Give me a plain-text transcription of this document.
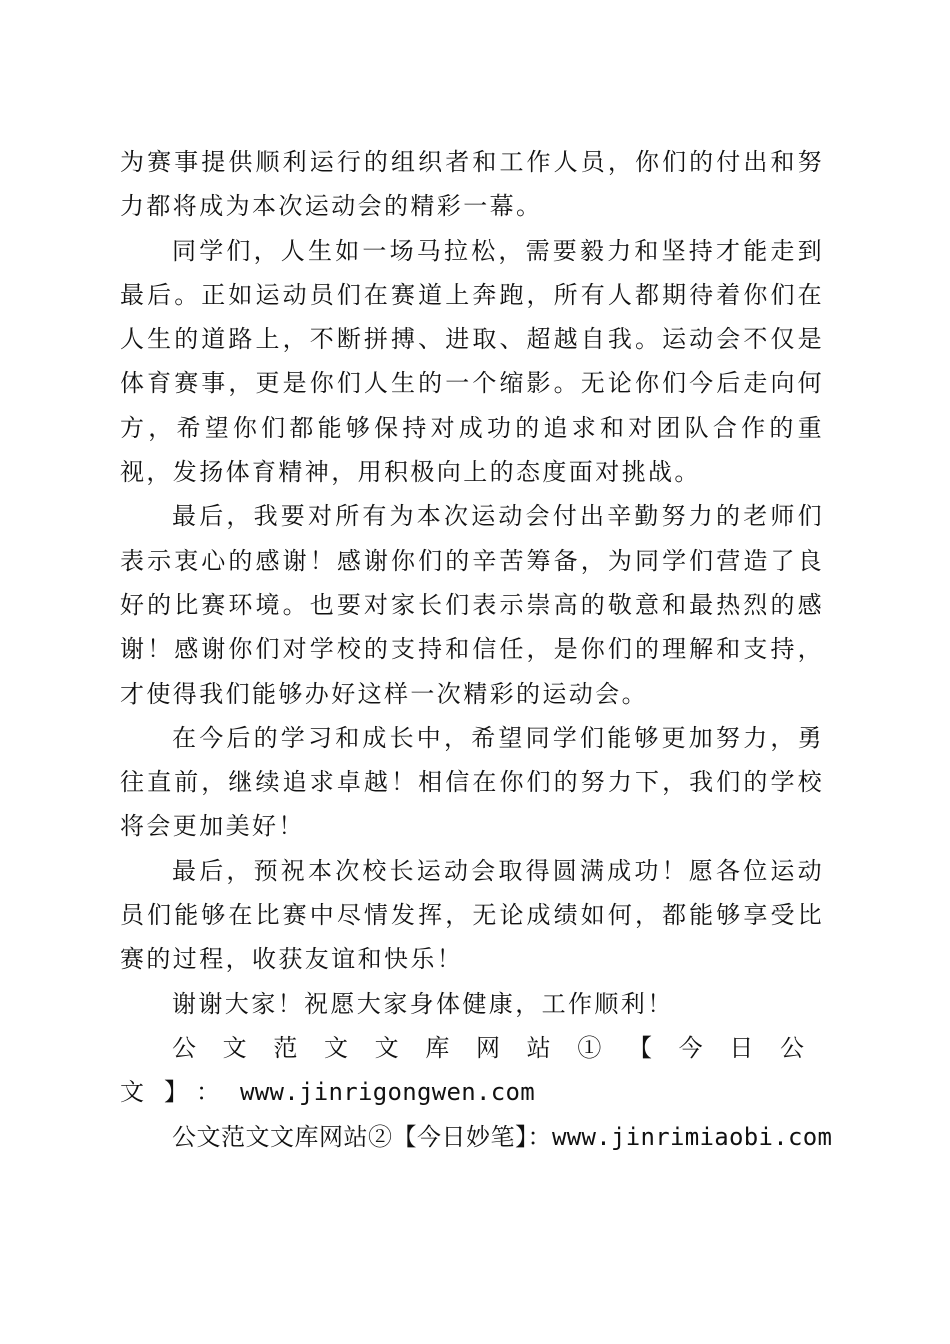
为赛事提供顺利运行的组织者和工作人员，你们的付出和努力都将成为本次运动会的精彩一幕。

同学们，人生如一场马拉松，需要毅力和坚持才能走到最后。正如运动员们在赛道上奔跑，所有人都期待着你们在人生的道路上，不断拼搏、进取、超越自我。运动会不仅是体育赛事，更是你们人生的一个缩影。无论你们今后走向何方，希望你们都能够保持对成功的追求和对团队合作的重视，发扬体育精神，用积极向上的态度面对挑战。

最后，我要对所有为本次运动会付出辛勤努力的老师们表示衷心的感谢！感谢你们的辛苦筹备，为同学们营造了良好的比赛环境。也要对家长们表示崇高的敬意和最热烈的感谢！感谢你们对学校的支持和信任，是你们的理解和支持，才使得我们能够办好这样一次精彩的运动会。

在今后的学习和成长中，希望同学们能够更加努力，勇往直前，继续追求卓越！相信在你们的努力下，我们的学校将会更加美好！

最后，预祝本次校长运动会取得圆满成功！愿各位运动员们能够在比赛中尽情发挥，无论成绩如何，都能够享受比赛的过程，收获友谊和快乐！

谢谢大家！祝愿大家身体健康，工作顺利！

公文范文文库网站①【今日公文】：www.jinrigongwen.com

公文范文文库网站②【今日妙笔】：www.jinrimiaobi.com
